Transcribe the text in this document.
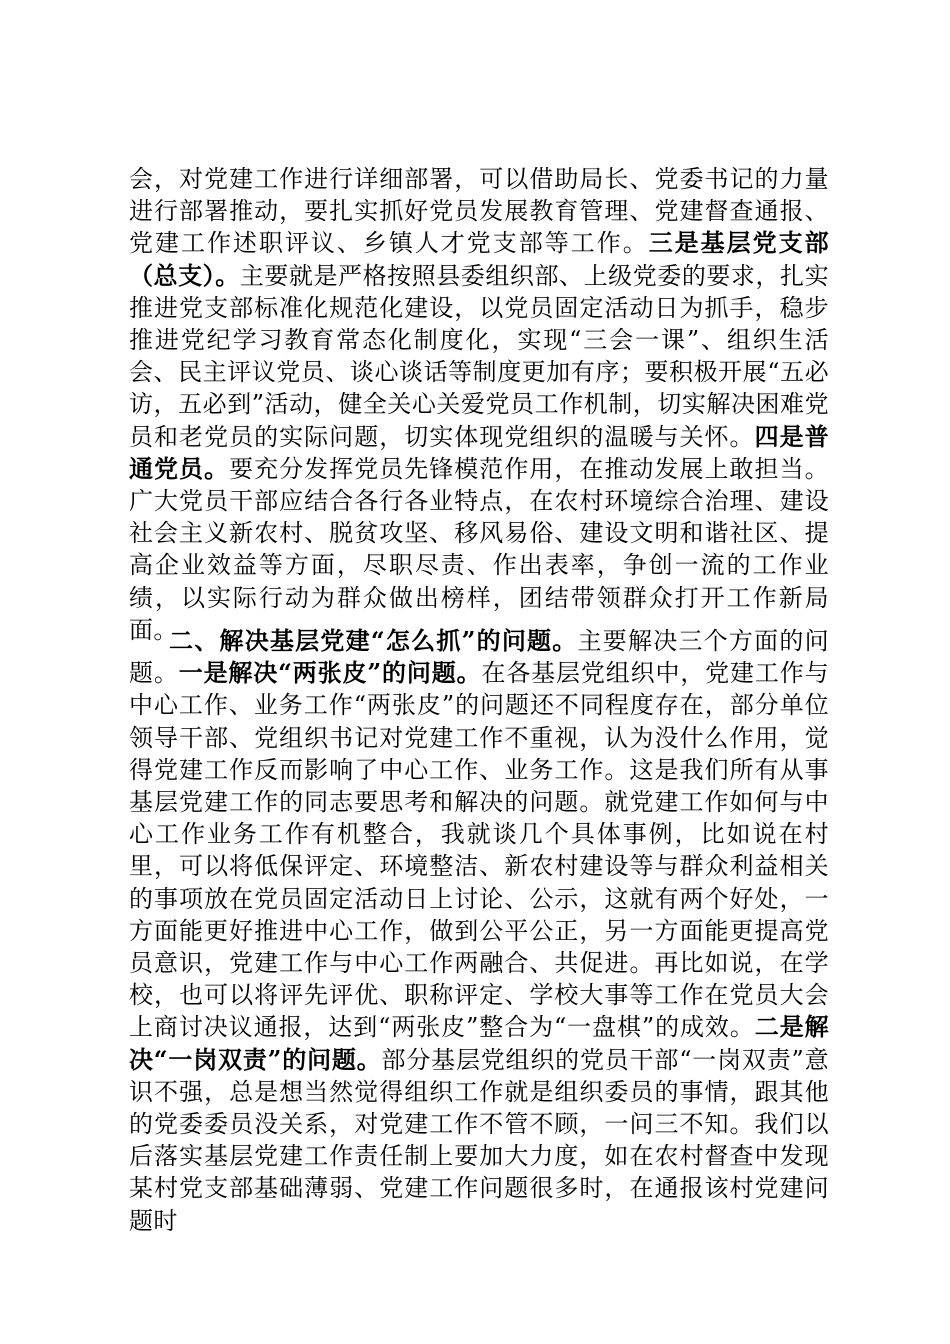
会，对党建工作进行详细部署，可以借助局长、党委书记的力量进行部署推动，要扎实抓好党员发展教育管理、党建督查通报、党建工作述职评议、乡镇人才党支部等工作。三是基层党支部（总支）。主要就是严格按照县委组织部、上级党委的要求，扎实推进党支部标准化规范化建设，以党员固定活动日为抓手，稳步推进党纪学习教育常态化制度化，实现“三会一课”、组织生活会、民主评议党员、谈心谈话等制度更加有序；要积极开展“五必访，五必到”活动，健全关心关爱党员工作机制，切实解决困难党员和老党员的实际问题，切实体现党组织的温暖与关怀。四是普通党员。要充分发挥党员先锋模范作用，在推动发展上敢担当。广大党员干部应结合各行各业特点，在农村环境综合治理、建设社会主义新农村、脱贫攻坚、移风易俗、建设文明和谐社区、提高企业效益等方面，尽职尽责、作出表率，争创一流的工作业绩，以实际行动为群众做出榜样，团结带领群众打开工作新局面。

二、解决基层党建“怎么抓”的问题。主要解决三个方面的问题。一是解决“两张皮”的问题。在各基层党组织中，党建工作与中心工作、业务工作“两张皮”的问题还不同程度存在，部分单位领导干部、党组织书记对党建工作不重视，认为没什么作用，觉得党建工作反而影响了中心工作、业务工作。这是我们所有从事基层党建工作的同志要思考和解决的问题。就党建工作如何与中心工作业务工作有机整合，我就谈几个具体事例，比如说在村里，可以将低保评定、环境整洁、新农村建设等与群众利益相关的事项放在党员固定活动日上讨论、公示，这就有两个好处，一方面能更好推进中心工作，做到公平公正，另一方面能更提高党员意识，党建工作与中心工作两融合、共促进。再比如说，在学校，也可以将评先评优、职称评定、学校大事等工作在党员大会上商讨决议通报，达到“两张皮”整合为“一盘棋”的成效。二是解决“一岗双责”的问题。部分基层党组织的党员干部“一岗双责”意识不强，总是想当然觉得组织工作就是组织委员的事情，跟其他的党委委员没关系，对党建工作不管不顾，一问三不知。我们以后落实基层党建工作责任制上要加大力度，如在农村督查中发现某村党支部基础薄弱、党建工作问题很多时，在通报该村党建问题时
